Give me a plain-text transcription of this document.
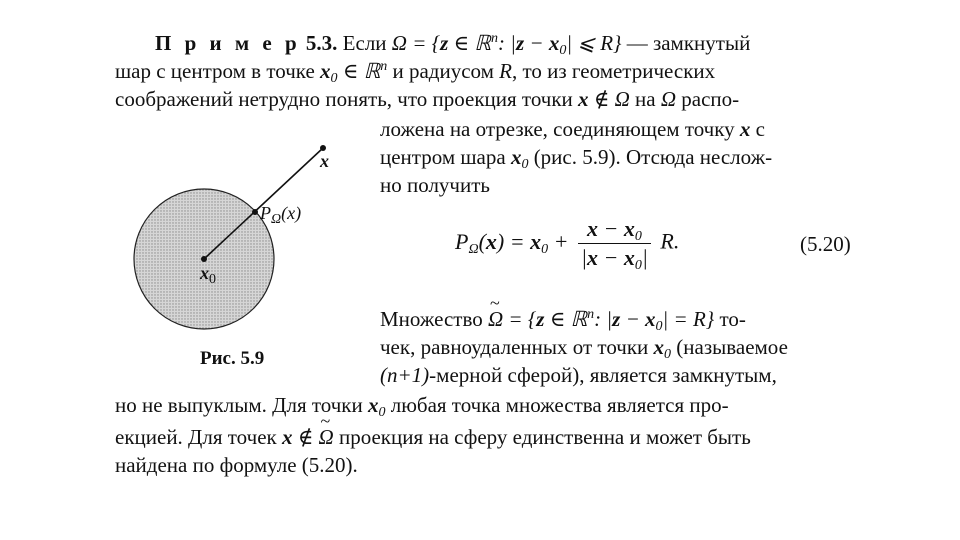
П р и м е р 5.3. Если Ω = {z ∈ ℝ$^n$: $|z - x_0|$ ⩽ R} — замкнутый
шар с центром в точке $x_0$ ∈ ℝ$^n$ и радиусом R, то из геометрических
соображений нетрудно понять, что проекция точки x ∉ Ω на Ω распо-
ложена на отрезке, соединяющем точку x с
центром шара $x_0$ (рис. 5.9). Отсюда неслож-
но получить
x
$P_\Omega(x)$
$x_0$
Рис. 5.9
$P_\Omega(x) = x_0 + \frac{x - x_0}{|x - x_0|} R$.	(5.20)
Множество ~ Ω = {z ∈ ℝ$^n$: $|z - x_0| = R$} то-
чек, равноудаленных от точки $x_0$ (называемое
(n+1)-мерной сферой), является замкнутым,
но не выпуклым. Для точки $x_0$ любая точка множества является про-
екцией. Для точек x ∉ ~ Ω проекция на сферу единственна и может быть
найдена по формуле (5.20).
